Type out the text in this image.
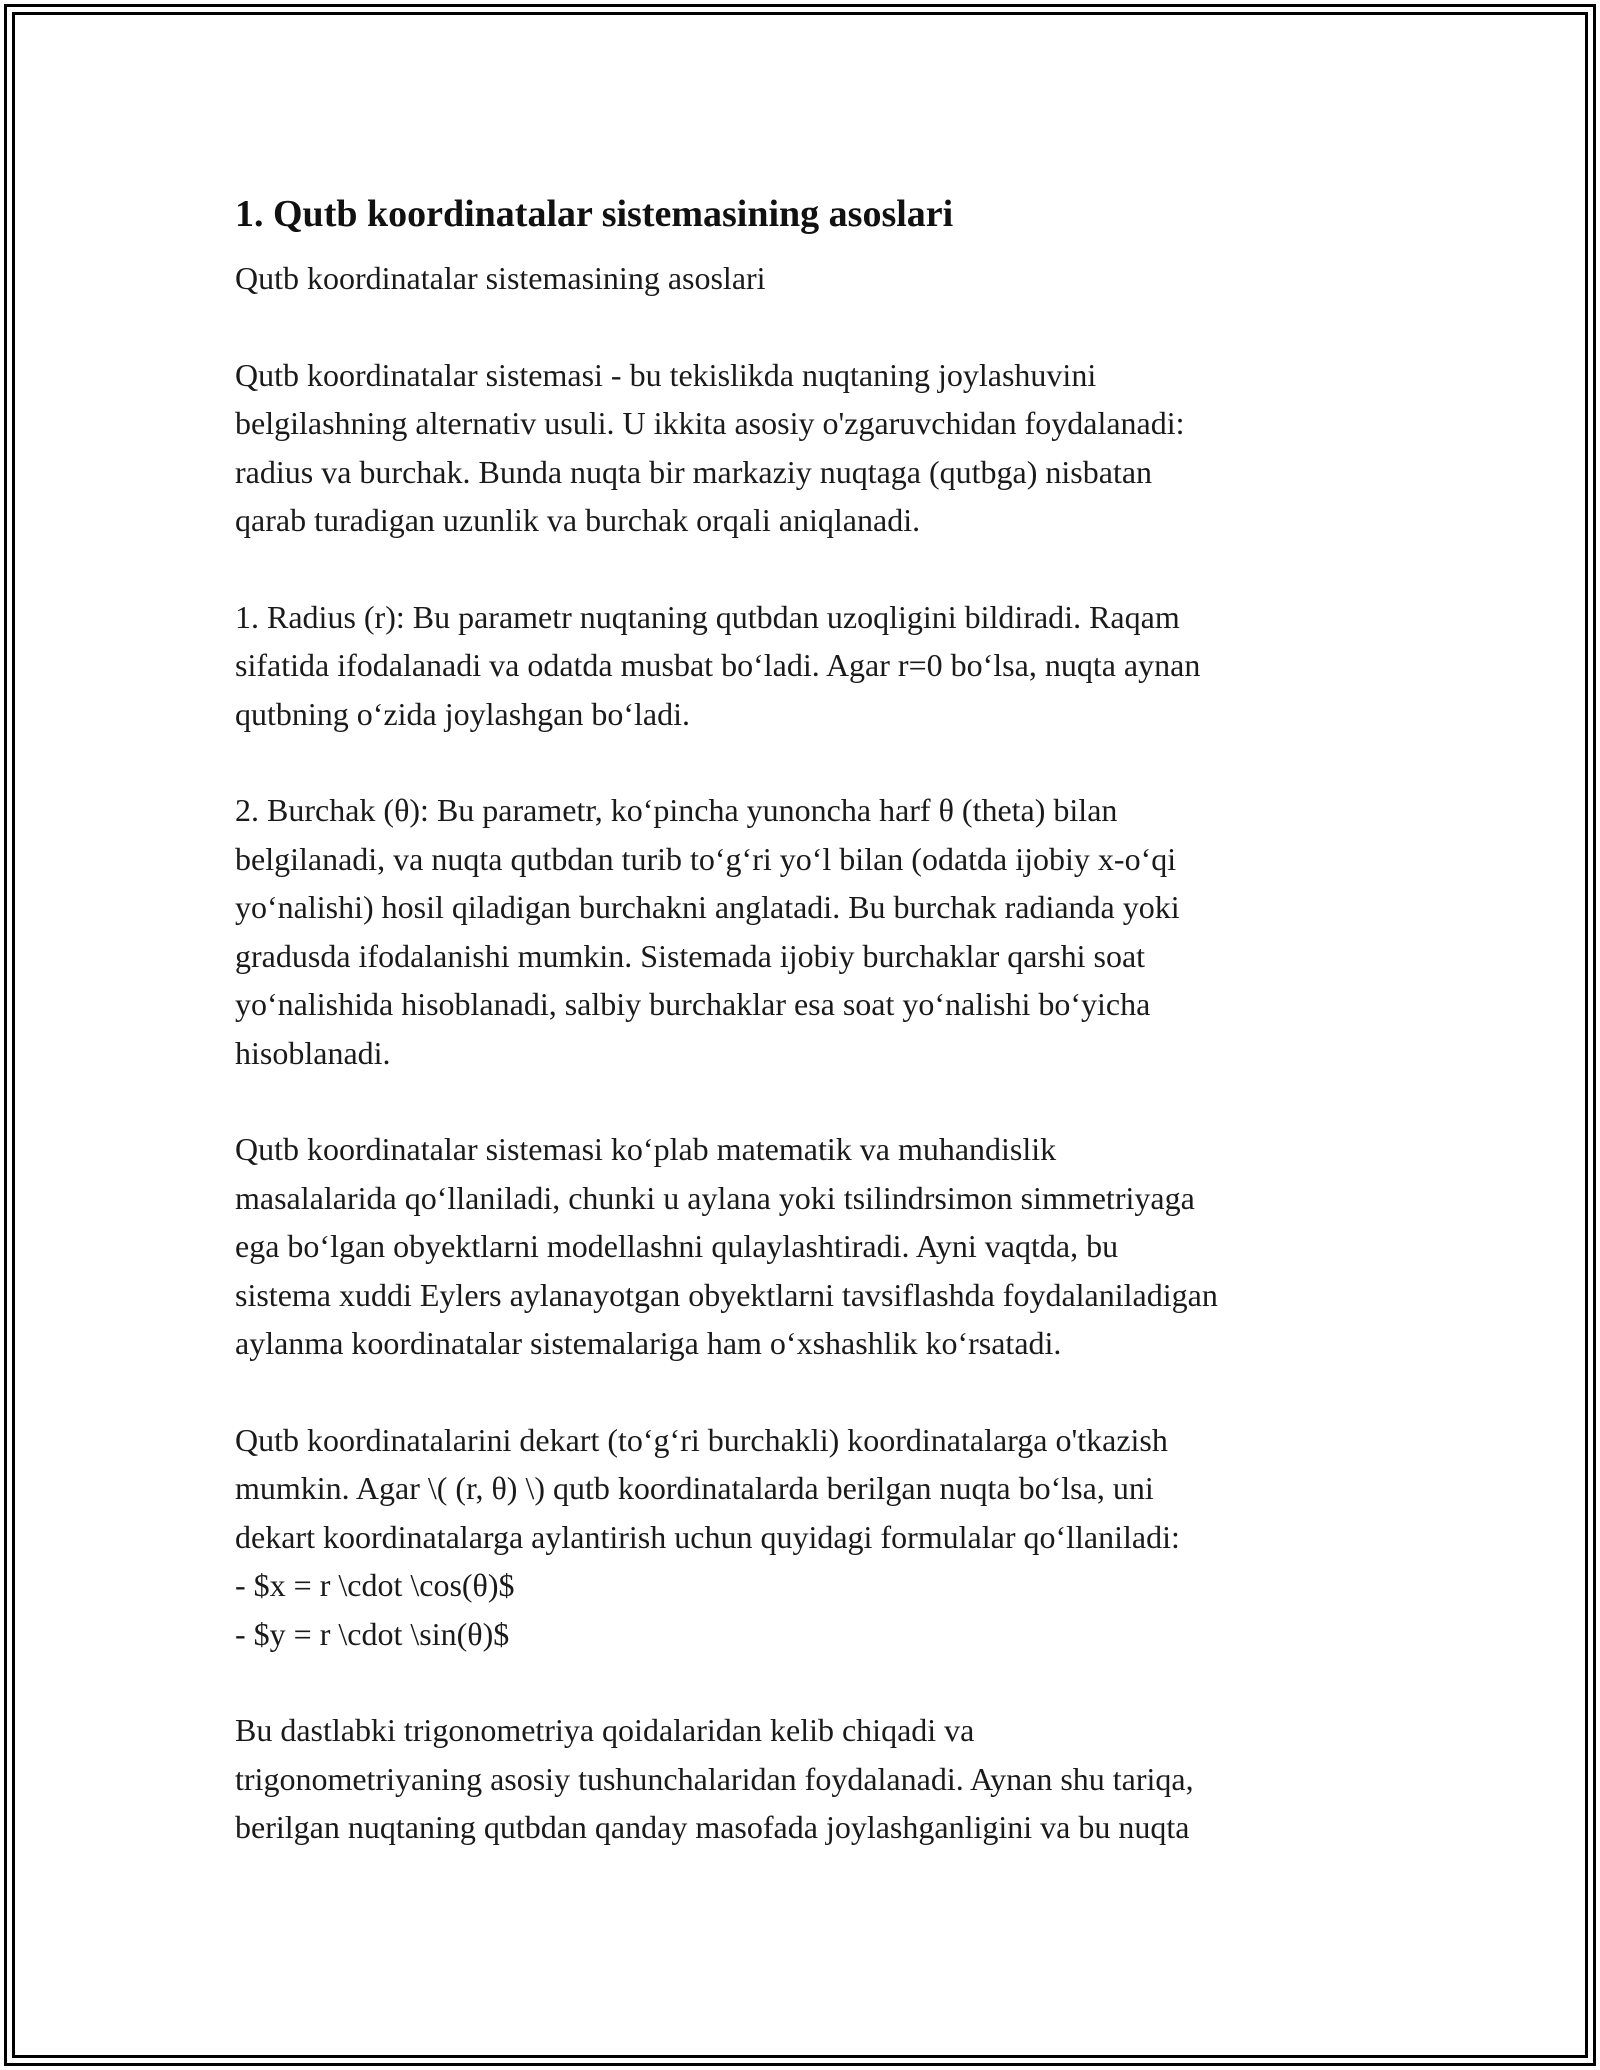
1. Qutb koordinatalar sistemasining asoslari

Qutb koordinatalar sistemasining asoslari

Qutb koordinatalar sistemasi - bu tekislikda nuqtaning joylashuvini
belgilashning alternativ usuli. U ikkita asosiy o'zgaruvchidan foydalanadi:
radius va burchak. Bunda nuqta bir markaziy nuqtaga (qutbga) nisbatan
qarab turadigan uzunlik va burchak orqali aniqlanadi.

1. Radius (r): Bu parametr nuqtaning qutbdan uzoqligini bildiradi. Raqam
sifatida ifodalanadi va odatda musbat boʻladi. Agar r=0 boʻlsa, nuqta aynan
qutbning oʻzida joylashgan boʻladi.

2. Burchak (θ): Bu parametr, koʻpincha yunoncha harf θ (theta) bilan
belgilanadi, va nuqta qutbdan turib toʻgʻri yoʻl bilan (odatda ijobiy x-oʻqi
yoʻnalishi) hosil qiladigan burchakni anglatadi. Bu burchak radianda yoki
gradusda ifodalanishi mumkin. Sistemada ijobiy burchaklar qarshi soat
yoʻnalishida hisoblanadi, salbiy burchaklar esa soat yoʻnalishi boʻyicha
hisoblanadi.

Qutb koordinatalar sistemasi koʻplab matematik va muhandislik
masalalarida qoʻllaniladi, chunki u aylana yoki tsilindrsimon simmetriyaga
ega boʻlgan obyektlarni modellashni qulaylashtiradi. Ayni vaqtda, bu
sistema xuddi Eylers aylanayotgan obyektlarni tavsiflashda foydalaniladigan
aylanma koordinatalar sistemalariga ham oʻxshashlik koʻrsatadi.

Qutb koordinatalarini dekart (toʻgʻri burchakli) koordinatalarga o'tkazish
mumkin. Agar \( (r, θ) \) qutb koordinatalarda berilgan nuqta boʻlsa, uni
dekart koordinatalarga aylantirish uchun quyidagi formulalar qoʻllaniladi:
- $x = r \cdot \cos(θ)$
- $y = r \cdot \sin(θ)$

Bu dastlabki trigonometriya qoidalaridan kelib chiqadi va
trigonometriyaning asosiy tushunchalaridan foydalanadi. Aynan shu tariqa,
berilgan nuqtaning qutbdan qanday masofada joylashganligini va bu nuqta
